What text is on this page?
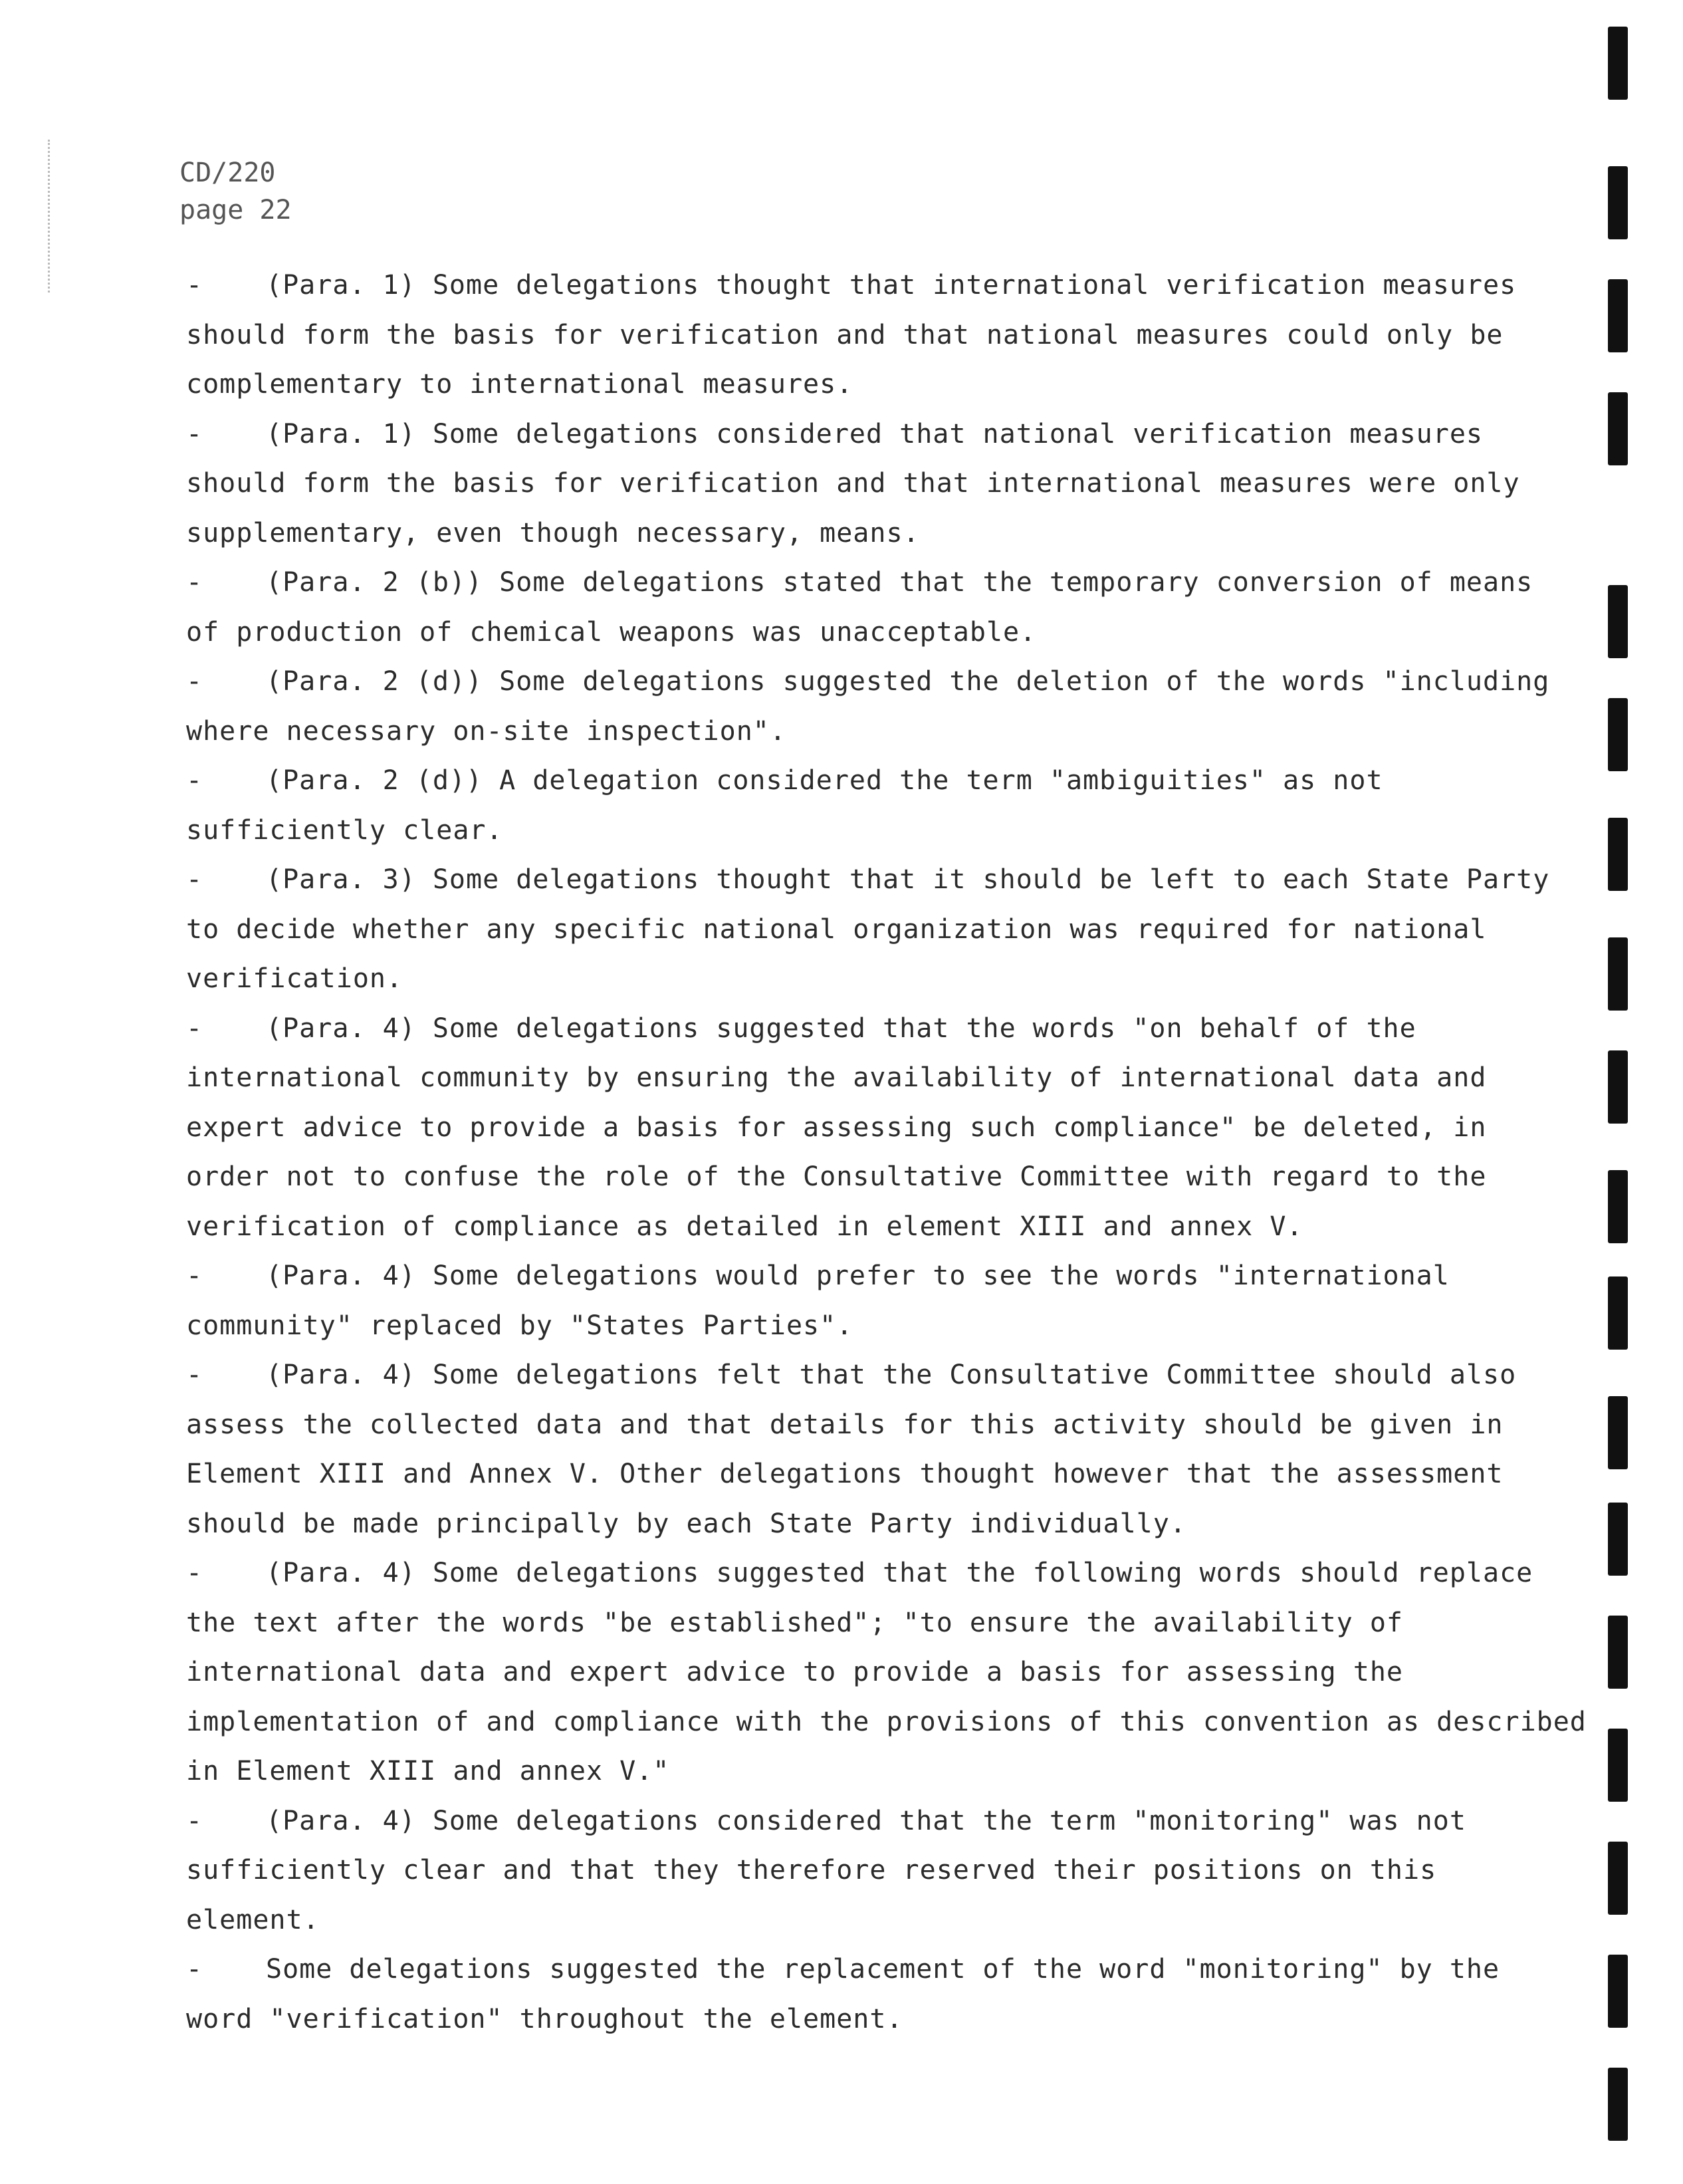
CD/220
page 22
- (Para. 1) Some delegations thought that international verification measures
should form the basis for verification and that national measures could only be
complementary to international measures.
- (Para. 1) Some delegations considered that national verification measures
should form the basis for verification and that international measures were only
supplementary, even though necessary, means.
- (Para. 2 (b)) Some delegations stated that the temporary conversion of means
of production of chemical weapons was unacceptable.
- (Para. 2 (d)) Some delegations suggested the deletion of the words "including
where necessary on-site inspection".
- (Para. 2 (d)) A delegation considered the term "ambiguities" as not
sufficiently clear.
- (Para. 3) Some delegations thought that it should be left to each State Party
to decide whether any specific national organization was required for national
verification.
- (Para. 4) Some delegations suggested that the words "on behalf of the
international community by ensuring the availability of international data and
expert advice to provide a basis for assessing such compliance" be deleted, in
order not to confuse the role of the Consultative Committee with regard to the
verification of compliance as detailed in element XIII and annex V.
- (Para. 4) Some delegations would prefer to see the words "international
community" replaced by "States Parties".
- (Para. 4) Some delegations felt that the Consultative Committee should also
assess the collected data and that details for this activity should be given in
Element XIII and Annex V. Other delegations thought however that the assessment
should be made principally by each State Party individually.
- (Para. 4) Some delegations suggested that the following words should replace
the text after the words "be established"; "to ensure the availability of
international data and expert advice to provide a basis for assessing the
implementation of and compliance with the provisions of this convention as described
in Element XIII and annex V."
- (Para. 4) Some delegations considered that the term "monitoring" was not
sufficiently clear and that they therefore reserved their positions on this
element.
- Some delegations suggested the replacement of the word "monitoring" by the
word "verification" throughout the element.
